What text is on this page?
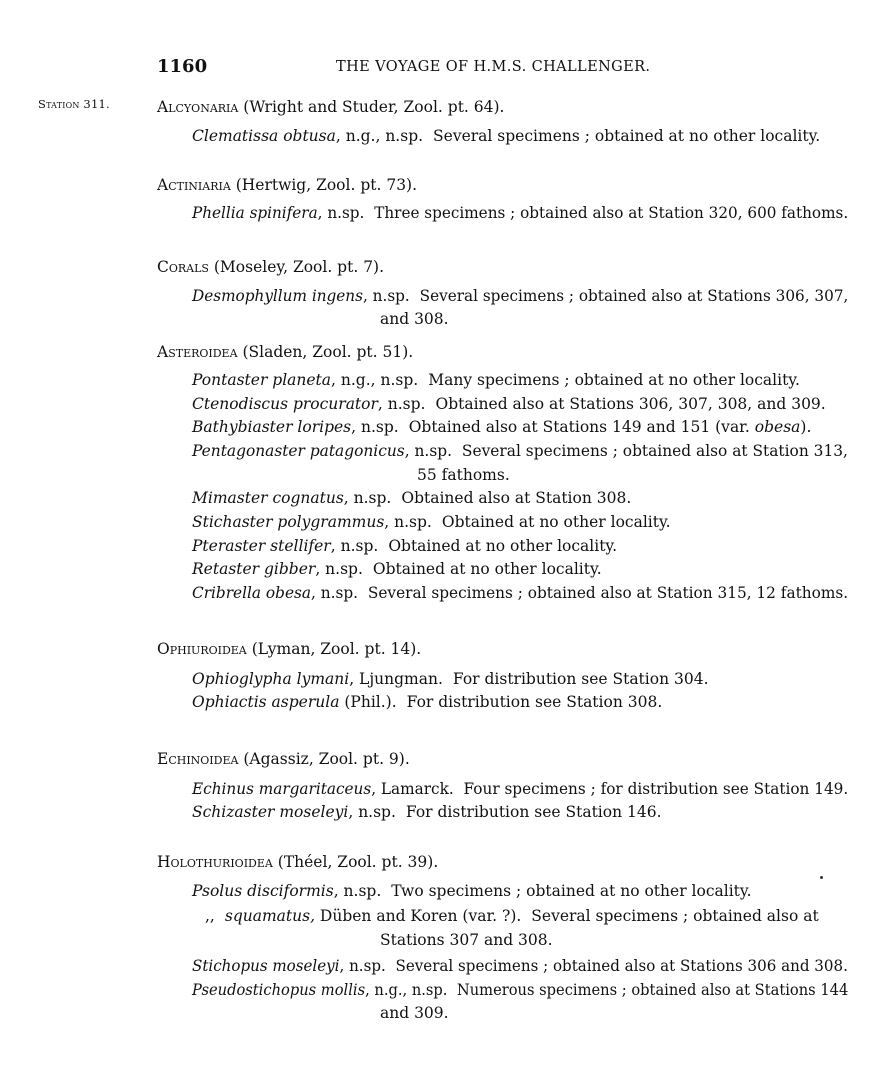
1160	THE VOYAGE OF H.M.S. CHALLENGER.
Station 311.	Alcyonaria (Wright and Studer, Zool. pt. 64).
Clematissa obtusa, n.g., n.sp. Several specimens ; obtained at no other locality.
Actiniaria (Hertwig, Zool. pt. 73).
Phellia spinifera, n.sp. Three specimens ; obtained also at Station 320, 600 fathoms.
Corals (Moseley, Zool. pt. 7).
Desmophyllum ingens, n.sp. Several specimens ; obtained also at Stations 306, 307,
and 308.
Asteroidea (Sladen, Zool. pt. 51).
Pontaster planeta, n.g., n.sp. Many specimens ; obtained at no other locality.
Ctenodiscus procurator, n.sp. Obtained also at Stations 306, 307, 308, and 309.
Bathybiaster loripes, n.sp. Obtained also at Stations 149 and 151 (var. obesa).
Pentagonaster patagonicus, n.sp. Several specimens ; obtained also at Station 313,
55 fathoms.
Mimaster cognatus, n.sp. Obtained also at Station 308.
Stichaster polygrammus, n.sp. Obtained at no other locality.
Pteraster stellifer, n.sp. Obtained at no other locality.
Retaster gibber, n.sp. Obtained at no other locality.
Cribrella obesa, n.sp. Several specimens ; obtained also at Station 315, 12 fathoms.
Ophiuroidea (Lyman, Zool. pt. 14).
Ophioglypha lymani, Ljungman. For distribution see Station 304.
Ophiactis asperula (Phil.). For distribution see Station 308.
Echinoidea (Agassiz, Zool. pt. 9).
Echinus margaritaceus, Lamarck. Four specimens ; for distribution see Station 149.
Schizaster moseleyi, n.sp. For distribution see Station 146.
Holothurioidea (Théel, Zool. pt. 39).
Psolus disciformis, n.sp. Two specimens ; obtained at no other locality.
,, squamatus, Düben and Koren (var. ?). Several specimens ; obtained also at
Stations 307 and 308.
Stichopus moseleyi, n.sp. Several specimens ; obtained also at Stations 306 and 308.
Pseudostichopus mollis, n.g., n.sp. Numerous specimens ; obtained also at Stations 144
and 309.
